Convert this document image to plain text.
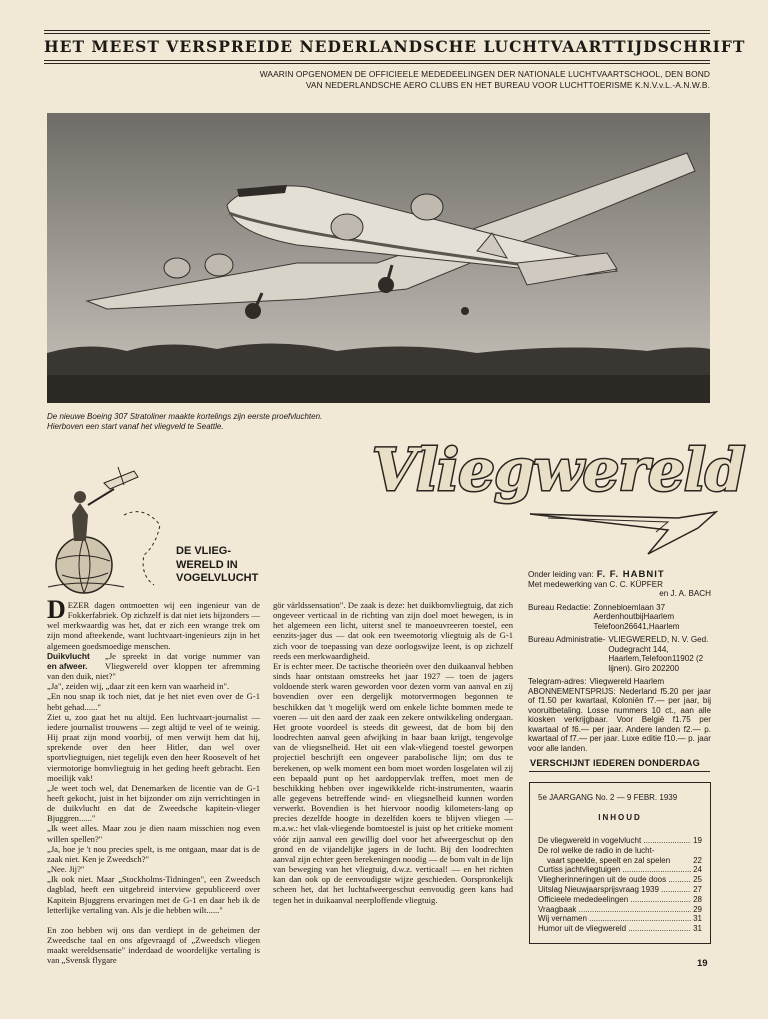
HET MEEST VERSPREIDE NEDERLANDSCHE LUCHTVAARTTIJDSCHRIFT
WAARIN OPGENOMEN DE OFFICIEELE MEDEDEELINGEN DER NATIONALE LUCHTVAARTSCHOOL, DEN BOND
VAN NEDERLANDSCHE AERO CLUBS EN HET BUREAU VOOR LUCHTTOERISME K.N.V.v.L.-A.N.W.B.
De nieuwe Boeing 307 Stratoliner maakte kortelings zijn eerste proefvluchten. Hierboven een start vanaf het vliegveld te Seattle.
Vliegwereld
DE VLIEG-
WERELD IN
VOGELVLUCHT

DEZER dagen ontmoetten wij een ingenieur van de Fokkerfabriek. Op zichzelf is dat niet iets bijzonders — wel merkwaardig was het, dat er zich een wrange trek om zijn mond afteekende, want luchtvaart-ingenieurs zijn in het algemeen goedsmoedige menschen.

Duikvlucht en afweer.
„Je spreekt in dat vorige nummer van Vliegwereld over kloppen ter afremming van den duik, niet?"

„Ja", zeiden wij, „daar zit een kern van waarheid in".

„En nou snap ik toch niet, dat je het niet even over de G-1 hebt gehad......"

Ziet u, zoo gaat het nu altijd. Een luchtvaart-journalist — iedere journalist trouwens — zegt altijd te veel of te weinig. Hij praat zijn mond voorbij, of men verwijt hem dat hij, sprekende over den heer Hitler, dan wel over sportvliegtuigen, niet tegelijk even den heer Roosevelt of het viermotorige bomvliegtuig in het geding heeft gebracht. Een moeilijk vak!

„Je weet toch wel, dat Denemarken de licentie van de G-1 heeft gekocht, juist in het bijzonder om zijn verrichtingen in de duikvlucht en dat de Zweedsche kapitein-vlieger Bjuggren......"

„Ik weet alles. Maar zou je dien naam misschien nog even willen spellen?"

„Ja, hoe je 't nou precies spelt, is me ontgaan, maar dat is de zaak niet. Ken je Zweedsch?"

„Nee. Jij?"

„Ik ook niet. Maar „Stockholms-Tidningen", een Zweedsch dagblad, heeft een uitgebreid interview gepubliceerd over Kapitein Bjuggrens ervaringen met de G-1 en daar heb ik de letterlijke vertaling van. Als je die hebben wilt......"

En zoo hebben wij ons dan verdiept in de geheimen der Zweedsche taal en ons afgevraagd of „Zweedsch vliegen maakt wereldsensatie" inderdaad de woordelijke vertaling is van „Svensk flygare

gör världssensation". De zaak is deze: het duikbomvliegtuig, dat zich ongeveer verticaal in de richting van zijn doel moet bewegen, is in het algemeen een licht, uiterst snel te manoeuvreeren toestel, een eenzits-jager dus — dat ook een tweemotorig vliegtuig als de G-1 zich voor de toepassing van deze oorlogswijze leent, is op zichzelf reeds een merkwaardigheid.

Er is echter meer. De tactische theorieën over den duikaanval hebben sinds haar ontstaan omstreeks het jaar 1927 — toen de jagers voldoende sterk waren geworden voor dezen vorm van aanval en zij bovendien over een dergelijk motorvermogen begonnen te beschikken dat 't mogelijk werd om enkele lichte bommen mede te voeren — uit den aard der zaak een zekere ontwikkeling ondergaan. Het groote voordeel is steeds dit geweest, dat de bom bij den loodrechten aanval geen afwijking in haar baan krijgt, tengevolge van de vliegsnelheid. Het uit een vlak-vliegend toestel geworpen projectiel beschrijft een ongeveer parabolische lijn; om dus te berekenen, op welk moment een bom moet worden losgelaten wil zij een bepaald punt op het aardoppervlak treffen, moet men de beschikking hebben over ingewikkelde richt-instrumenten, waarin alle gegevens betreffende wind- en vliegsnelheid kunnen worden verwerkt. Bovendien is het hiervoor noodig kilometers-lang op precies dezelfde hoogte in dezelfden koers te blijven vliegen — m.a.w.: het vlak-vliegende bomtoestel is juist op het critieke moment vóór zijn aanval een gewillig doel voor het afweergeschut op den grond en de vijandelijke jagers in de lucht. Bij den loodrechten aanval zijn echter geen berekeningen noodig — de bom valt in de lijn van beweging van het vliegtuig, d.w.z. verticaal! — en het richten kan dan ook op de eenvoudigste wijze geschieden. Oorspronkelijk scheen het, dat het luchtafweergeschut eenvoudig geen kans had tegen het in duikaanval neerploffende vliegtuig.

Onder leiding van: F. F. HABNIT
Met medewerking van C. C. KÜPFER
en J. A. BACH
Bureau Redactie: Zonnebloemlaan 37 AerdenhoutbijHaarlem Telefoon26641,Haarlem
Bureau Administratie- VLIEGWERELD, N. V. Ged. Oudegracht 144, Haarlem,Telefoon11902 (2 lijnen). Giro 202200
Telegram-adres: Vliegwereld Haarlem
ABONNEMENTSPRIJS: Nederland f5.20 per jaar of f1.50 per kwartaal, Koloniën f7.— per jaar, bij vooruitbetaling. Losse nummers 10 ct., aan alle kiosken verkrijgbaar. Voor België f1.75 per kwartaal of f6.— per jaar. Andere landen f2.— p. kwartaal of f7.— per jaar. Luxe editie f10.— p. jaar voor alle landen.
VERSCHIJNT IEDEREN DONDERDAG
5e JAARGANG No. 2 — 9 FEBR. 1939
INHOUD
De vliegwereld in vogelvlucht .....	19
De rol welke de radio in de lucht-
vaart speelde, speelt en zal spelen	22
Curtiss jachtvliegtuigen .....	24
Vliegherinneringen uit de oude doos .....	25
Uitslag Nieuwjaarsprijsvraag 1939 .....	27
Officieele mededeelingen .....	28
Vraagbaak .....	29
Wij vernamen .....	31
Humor uit de vliegwereld .....	31
19
